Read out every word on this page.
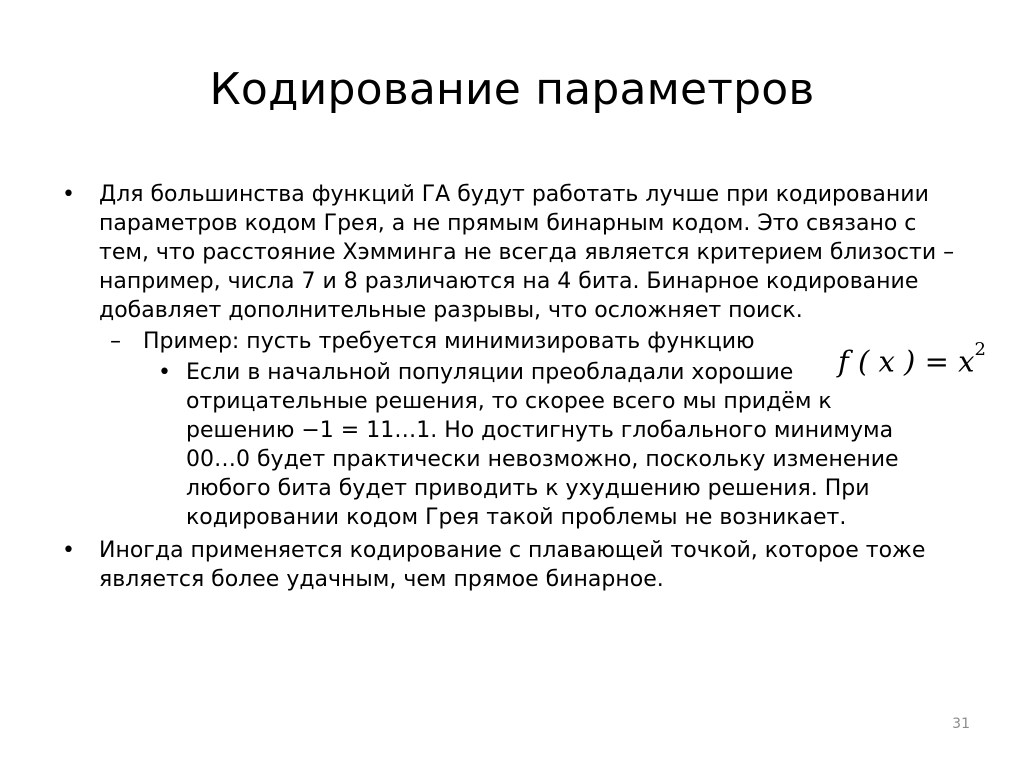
Кодирование параметров
• Для большинства функций ГА будут работать лучше при кодировании параметров кодом Грея, а не прямым бинарным кодом. Это связано с тем, что расстояние Хэмминга не всегда является критерием близости – например, числа 7 и 8 различаются на 4 бита. Бинарное кодирование добавляет дополнительные разрывы, что осложняет поиск.
– Пример: пусть требуется минимизировать функцию
• Если в начальной популяции преобладали хорошие отрицательные решения, то скорее всего мы придём к решению −1 = 11…1. Но достигнуть глобального минимума 00…0 будет практически невозможно, поскольку изменение любого бита будет приводить к ухудшению решения. При кодировании кодом Грея такой проблемы не возникает.
• Иногда применяется кодирование с плавающей точкой, которое тоже является более удачным, чем прямое бинарное.
f ( x ) = $x^2$
31
